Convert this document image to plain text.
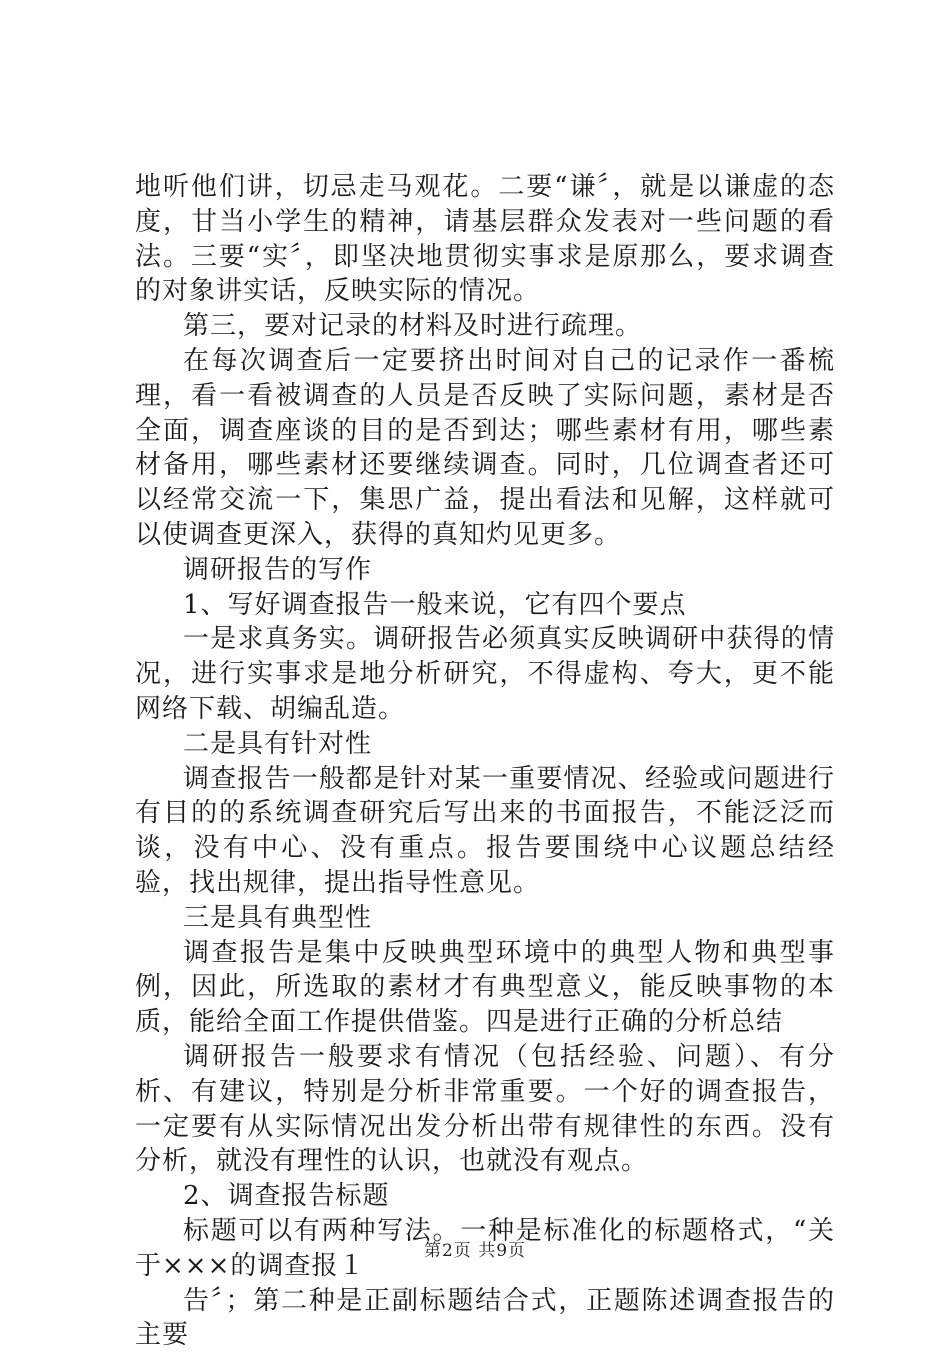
地听他们讲，切忌走马观花。二要“谦〞，就是以谦虚的态度，甘当小学生的精神，请基层群众发表对一些问题的看法。三要“实〞，即坚决地贯彻实事求是原那么，要求调查的对象讲实话，反映实际的情况。

第三，要对记录的材料及时进行疏理。

在每次调查后一定要挤出时间对自己的记录作一番梳理，看一看被调查的人员是否反映了实际问题，素材是否全面，调查座谈的目的是否到达；哪些素材有用，哪些素材备用，哪些素材还要继续调查。同时，几位调查者还可以经常交流一下，集思广益，提出看法和见解，这样就可以使调查更深入，获得的真知灼见更多。

调研报告的写作

1、写好调查报告一般来说，它有四个要点

一是求真务实。调研报告必须真实反映调研中获得的情况，进行实事求是地分析研究，不得虚构、夸大，更不能网络下载、胡编乱造。

二是具有针对性

调查报告一般都是针对某一重要情况、经验或问题进行有目的的系统调查研究后写出来的书面报告，不能泛泛而谈，没有中心、没有重点。报告要围绕中心议题总结经验，找出规律，提出指导性意见。

三是具有典型性

调查报告是集中反映典型环境中的典型人物和典型事例，因此，所选取的素材才有典型意义，能反映事物的本质，能给全面工作提供借鉴。四是进行正确的分析总结

调研报告一般要求有情况（包括经验、问题）、有分析、有建议，特别是分析非常重要。一个好的调查报告，一定要有从实际情况出发分析出带有规律性的东西。没有分析，就没有理性的认识，也就没有观点。

2、调查报告标题

标题可以有两种写法。一种是标准化的标题格式，“关于×××的调查报１

告〞；第二种是正副标题结合式，正题陈述调查报告的主要

第2页 共9页
